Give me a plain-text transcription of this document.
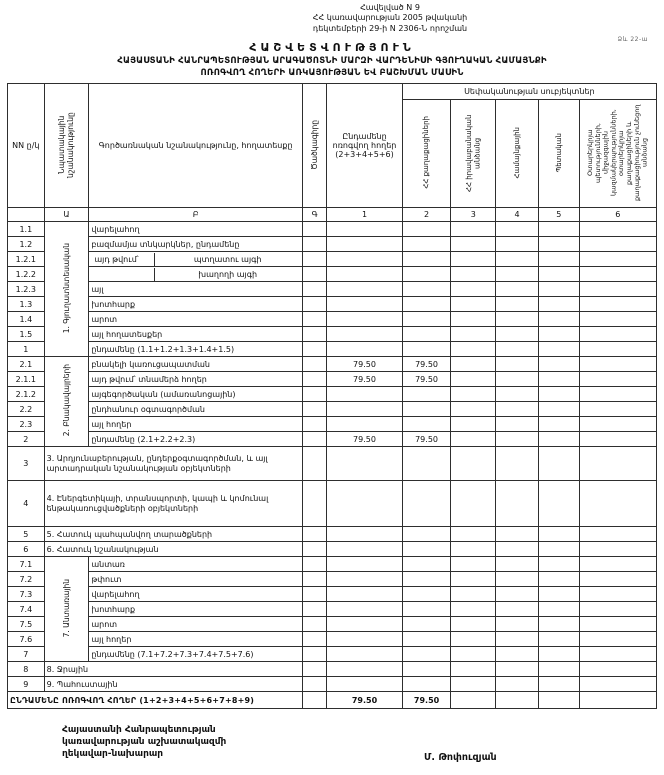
Հավելված N 9
ՀՀ կառավարության 2005 թվականի
դեկտեմբերի 29-ի N 2306-Ն որոշման
Ձև 22-ա
ՀԱՇՎԵՏՎՈՒԹՅՈՒՆ
ՀԱՅԱՍՏԱՆԻ ՀԱՆՐԱՊԵՏՈՒԹՅԱՆ ԱՐԱԳԱԾՈՏՆԻ ՄԱՐԶԻ ՎԱՐԴԵՆԻՍԻ ԳՅՈՒՂԱԿԱՆ ՀԱՄԱՅՆՔԻ
ՈՌՈԳՎՈՂ ՀՈՂԵՐԻ ԱՌԿԱՅՈՒԹՅԱՆ ԵՎ ԲԱՇԽՄԱՆ ՄԱՍԻՆ
NN ը/կ	Նպատակային նշանակությունը	Գործառնական նշանակությունը, հողատեսքը	Ծածկագիրը	Ընդամենը ոռոգվող հողեր (2+3+4+5+6)	Սեփականության սուբյեկտներ				
					ՀՀ քաղաքացիների	ՀՀ իրավաբանական անձանց	Համայնքային	Պետական	Օտարերկրյա պետությունների, միջազգային կազմակերպությունների, օտարերկրյա քաղաքացիների և քաղաքացիություն չունեցող անձանց
	Ա	Բ	Գ	1	2	3	4	5	6
1.1	1. Գյուղատնտեսական	վարելահող							
1.2		բազմամյա տնկարկներ, ընդամենը							
1.2.1		այդ թվում՝ պտղատու այգի							

1.2.2		խաղողի այգի							

1.2.3		այլ							
1.3		խոտհարք							
1.4		արոտ							
1.5		այլ հողատեսքեր							
1		ընդամենը (1.1+1.2+1.3+1.4+1.5)							
2.1	2. Բնակավայրերի	բնակելի կառուցապատման		79.50	79.50				
2.1.1		այդ թվում՝ տնամերձ հողեր		79.50	79.50				
2.1.2		այգեգործական (ամառանոցային)							
2.2		ընդհանուր օգտագործման							
2.3		այլ հողեր							
2		ընդամենը (2.1+2.2+2.3)		79.50	79.50				
3	3. Արդյունաբերության, ընդերքօգտագործման, և այլ արտադրական նշանակության օբյեկտների								
4	4. Էներգետիկայի, տրանսպորտի, կապի և կոմունալ ենթակառուցվածքների օբյեկտների								
5	5. Հատուկ պահպանվող տարածքների								
6	6. Հատուկ նշանակության								
7.1	7. Անտառային	անտառ							
7.2		թփուտ							
7.3		վարելահող							
7.4		խոտհարք							
7.5		արոտ							
7.6		այլ հողեր							
7		ընդամենը (7.1+7.2+7.3+7.4+7.5+7.6)							
8	8. Ջրային								
9	9. Պահուստային								
ԸՆԴԱՄԵՆԸ ՈՌՈԳՎՈՂ ՀՈՂԵՐ (1+2+3+4+5+6+7+8+9)				79.50	79.50				
Հայաստանի Հանրապետության
կառավարության աշխատակազմի
ղեկավար-նախարար	Մ. Թոփուզյան
